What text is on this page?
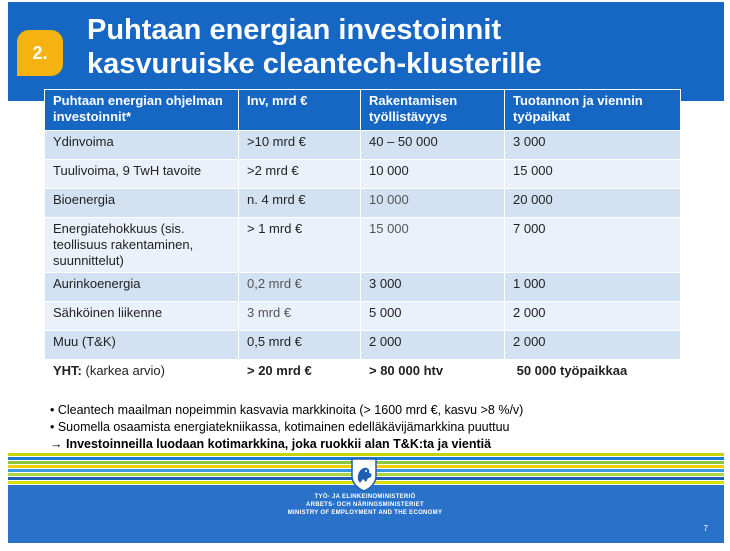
2.
Puhtaan energian investoinnit
kasvuruiske cleantech-klusterille
Puhtaan energian ohjelman investoinnit*	Inv, mrd €	Rakentamisen työllistävyys	Tuotannon ja viennin työpaikat
Ydinvoima	>10 mrd €	40 – 50 000	3 000
Tuulivoima, 9 TwH tavoite	>2 mrd €	10 000	15 000
Bioenergia	n. 4 mrd €	10 000	20 000
Energiatehokkuus (sis. teollisuus rakentaminen, suunnittelut)	> 1 mrd €	15 000	7 000
Aurinkoenergia	0,2 mrd €	3 000	1 000
Sähköinen liikenne	3 mrd €	5 000	2 000
Muu (T&K)	0,5 mrd €	2 000	2 000
YHT: (karkea arvio)	> 20 mrd €	> 80 000 htv	50 000 työpaikkaa
• Cleantech maailman nopeimmin kasvavia markkinoita (> 1600 mrd €, kasvu >8 %/v)
• Suomella osaamista energiatekniikassa, kotimainen edelläkävijämarkkina puuttuu
→ Investoinneilla luodaan kotimarkkina, joka ruokkii alan T&K:ta ja vientiä
TYÖ- JA ELINKEINOMINISTERIÖ
ARBETS- OCH NÄRINGSMINISTERIET
MINISTRY OF EMPLOYMENT AND THE ECONOMY
7
